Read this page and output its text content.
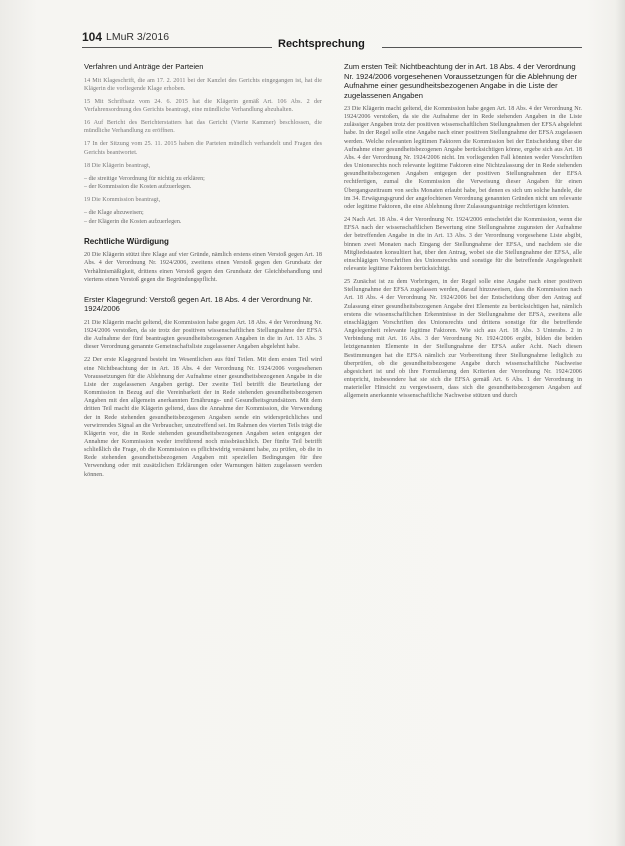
104 LMuR 3/2016
Rechtsprechung
Verfahren und Anträge der Parteien

14 Mit Klageschrift, die am 17. 2. 2011 bei der Kanzlei des Gerichts eingegangen ist, hat die Klägerin die vorliegende Klage erhoben.

15 Mit Schriftsatz vom 24. 6. 2015 hat die Klägerin gemäß Art. 106 Abs. 2 der Verfahrensordnung des Gerichts beantragt, eine mündliche Verhandlung abzuhalten.

16 Auf Bericht des Berichterstatters hat das Gericht (Vierte Kammer) beschlossen, die mündliche Verhandlung zu eröffnen.

17 In der Sitzung vom 25. 11. 2015 haben die Parteien mündlich verhandelt und Fragen des Gerichts beantwortet.

18 Die Klägerin beantragt,

– die streitige Verordnung für nichtig zu erklären;
– der Kommission die Kosten aufzuerlegen.

19 Die Kommission beantragt,

– die Klage abzuweisen;
– der Klägerin die Kosten aufzuerlegen.
Rechtliche Würdigung

20 Die Klägerin stützt ihre Klage auf vier Gründe, nämlich erstens einen Verstoß gegen Art. 18 Abs. 4 der Verordnung Nr. 1924/2006, zweitens einen Verstoß gegen den Grundsatz der Verhältnismäßigkeit, drittens einen Verstoß gegen den Grundsatz der Gleichbehandlung und viertens einen Verstoß gegen die Begründungspflicht.

Erster Klagegrund: Verstoß gegen Art. 18 Abs. 4 der Verordnung Nr. 1924/2006

21 Die Klägerin macht geltend, die Kommission habe gegen Art. 18 Abs. 4 der Verordnung Nr. 1924/2006 verstoßen, da sie trotz der positiven wissenschaftlichen Stellungnahme der EFSA die Aufnahme der fünf beantragten gesundheitsbezogenen Angaben in die in Art. 13 Abs. 3 dieser Verordnung genannte Gemeinschaftsliste zugelassener Angaben abgelehnt habe.

22 Der erste Klagegrund besteht im Wesentlichen aus fünf Teilen. Mit dem ersten Teil wird eine Nichtbeachtung der in Art. 18 Abs. 4 der Verordnung Nr. 1924/2006 vorgesehenen Voraussetzungen für die Ablehnung der Aufnahme einer gesundheitsbezogenen Angabe in die Liste der zugelassenen Angaben gerügt. Der zweite Teil betrifft die Beurteilung der Kommission in Bezug auf die Vereinbarkeit der in Rede stehenden gesundheitsbezogenen Angaben mit den allgemein anerkannten Ernährungs- und Gesundheitsgrundsätzen. Mit dem dritten Teil macht die Klägerin geltend, dass die Annahme der Kommission, die Verwendung der in Rede stehenden gesundheitsbezogenen Angaben sende ein widersprüchliches und verwirrendes Signal an die Verbraucher, unzutreffend sei. Im Rahmen des vierten Teils trägt die Klägerin vor, die in Rede stehenden gesundheitsbezogenen Angaben seien entgegen der Annahme der Kommission weder irreführend noch missbräuchlich. Der fünfte Teil betrifft schließlich die Frage, ob die Kommission es pflichtwidrig versäumt habe, zu prüfen, ob die in Rede stehenden gesundheitsbezogenen Angaben mit speziellen Bedingungen für ihre Verwendung oder mit zusätzlichen Erklärungen oder Warnungen hätten zugelassen werden können.

Zum ersten Teil: Nichtbeachtung der in Art. 18 Abs. 4 der Verordnung Nr. 1924/2006 vorgesehenen Voraussetzungen für die Ablehnung der Aufnahme einer gesundheitsbezogenen Angabe in die Liste der zugelassenen Angaben

23 Die Klägerin macht geltend, die Kommission habe gegen Art. 18 Abs. 4 der Verordnung Nr. 1924/2006 verstoßen, da sie die Aufnahme der in Rede stehenden Angaben in die Liste zulässiger Angaben trotz der positiven wissenschaftlichen Stellungnahmen der EFSA abgelehnt habe. In der Regel solle eine Angabe nach einer positiven Stellungnahme der EFSA zugelassen werden. Welche relevanten legitimen Faktoren die Kommission bei der Entscheidung über die Aufnahme einer gesundheitsbezogenen Angabe berücksichtigen könne, ergebe sich aus Art. 18 Abs. 4 der Verordnung Nr. 1924/2006 nicht. Im vorliegenden Fall könnten weder Vorschriften des Unionsrechts noch relevante legitime Faktoren eine Nichtzulassung der in Rede stehenden gesundheitsbezogenen Angaben entgegen der positiven Stellungnahmen der EFSA rechtfertigen, zumal die Kommission die Verweisung dieser Angaben für einen Übergangszeitraum von sechs Monaten erlaubt habe, bei denen es sich um solche handele, die im 34. Erwägungsgrund der angefochtenen Verordnung genannten Gründen nicht um relevante oder legitime Faktoren, die eine Ablehnung ihrer Zulassungsanträge rechtfertigen könnten.

24 Nach Art. 18 Abs. 4 der Verordnung Nr. 1924/2006 entscheidet die Kommission, wenn die EFSA nach der wissenschaftlichen Bewertung eine Stellungnahme zugunsten der Aufnahme der betreffenden Angabe in die in Art. 13 Abs. 3 der Verordnung vorgesehene Liste abgibt, binnen zwei Monaten nach Eingang der Stellungnahme der EFSA, und nachdem sie die Mitgliedstaaten konsultiert hat, über den Antrag, wobei sie die Stellungnahme der EFSA, alle einschlägigen Vorschriften des Unionsrechts und sonstige für die betreffende Angelegenheit relevante legitime Faktoren berücksichtigt.

25 Zunächst ist zu dem Vorbringen, in der Regel solle eine Angabe nach einer positiven Stellungnahme der EFSA zugelassen werden, darauf hinzuweisen, dass die Kommission nach Art. 18 Abs. 4 der Verordnung Nr. 1924/2006 bei der Entscheidung über den Antrag auf Zulassung einer gesundheitsbezogenen Angabe drei Elemente zu berücksichtigen hat, nämlich erstens die wissenschaftlichen Erkenntnisse in der Stellungnahme der EFSA, zweitens alle einschlägigen Vorschriften des Unionsrechts und drittens sonstige für die betreffende Angelegenheit relevante legitime Faktoren. Wie sich aus Art. 18 Abs. 3 Unterabs. 2 in Verbindung mit Art. 16 Abs. 3 der Verordnung Nr. 1924/2006 ergibt, bilden die beiden letztgenannten Elemente in der Stellungnahme der EFSA außer Acht. Nach diesen Bestimmungen hat die EFSA nämlich zur Vorbereitung ihrer Stellungnahme lediglich zu überprüfen, ob die gesundheitsbezogene Angabe durch wissenschaftliche Nachweise abgesichert ist und ob ihre Formulierung den Kriterien der Verordnung Nr. 1924/2006 entspricht, insbesondere hat sie sich die EFSA gemäß Art. 6 Abs. 1 der Verordnung in materieller Hinsicht zu vergewissern, dass sich die gesundheitsbezogenen Angaben auf allgemein anerkannte wissenschaftliche Nachweise stützen und durch
